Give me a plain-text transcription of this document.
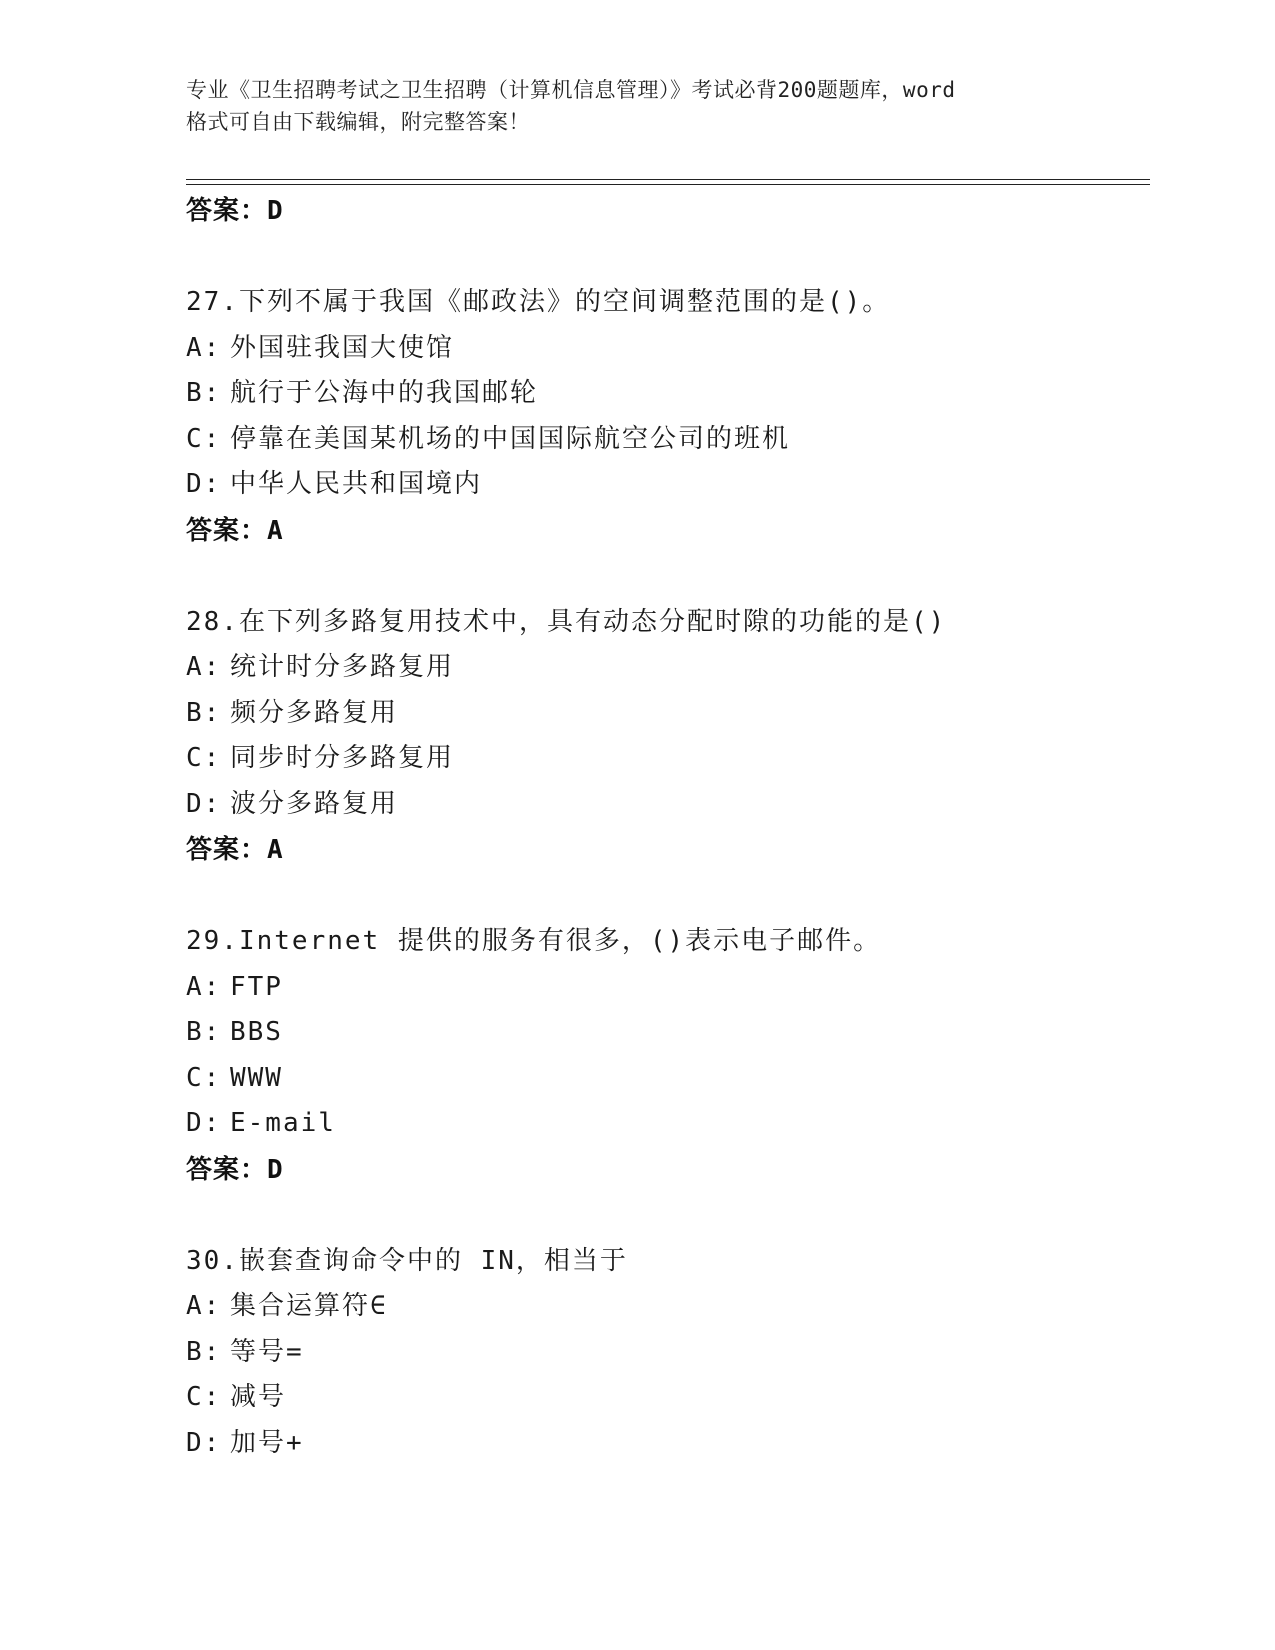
专业《卫生招聘考试之卫生招聘（计算机信息管理）》考试必背200题题库，word
格式可自由下载编辑，附完整答案！
答案：D
27.下列不属于我国《邮政法》的空间调整范围的是()。
A: 外国驻我国大使馆
B: 航行于公海中的我国邮轮
C: 停靠在美国某机场的中国国际航空公司的班机
D: 中华人民共和国境内
答案：A
28.在下列多路复用技术中，具有动态分配时隙的功能的是()
A: 统计时分多路复用
B: 频分多路复用
C: 同步时分多路复用
D: 波分多路复用
答案：A
29.Internet 提供的服务有很多，()表示电子邮件。
A: FTP
B: BBS
C: WWW
D: E-mail
答案：D
30.嵌套查询命令中的 IN，相当于
A: 集合运算符∈
B: 等号=
C: 减号
D: 加号+
